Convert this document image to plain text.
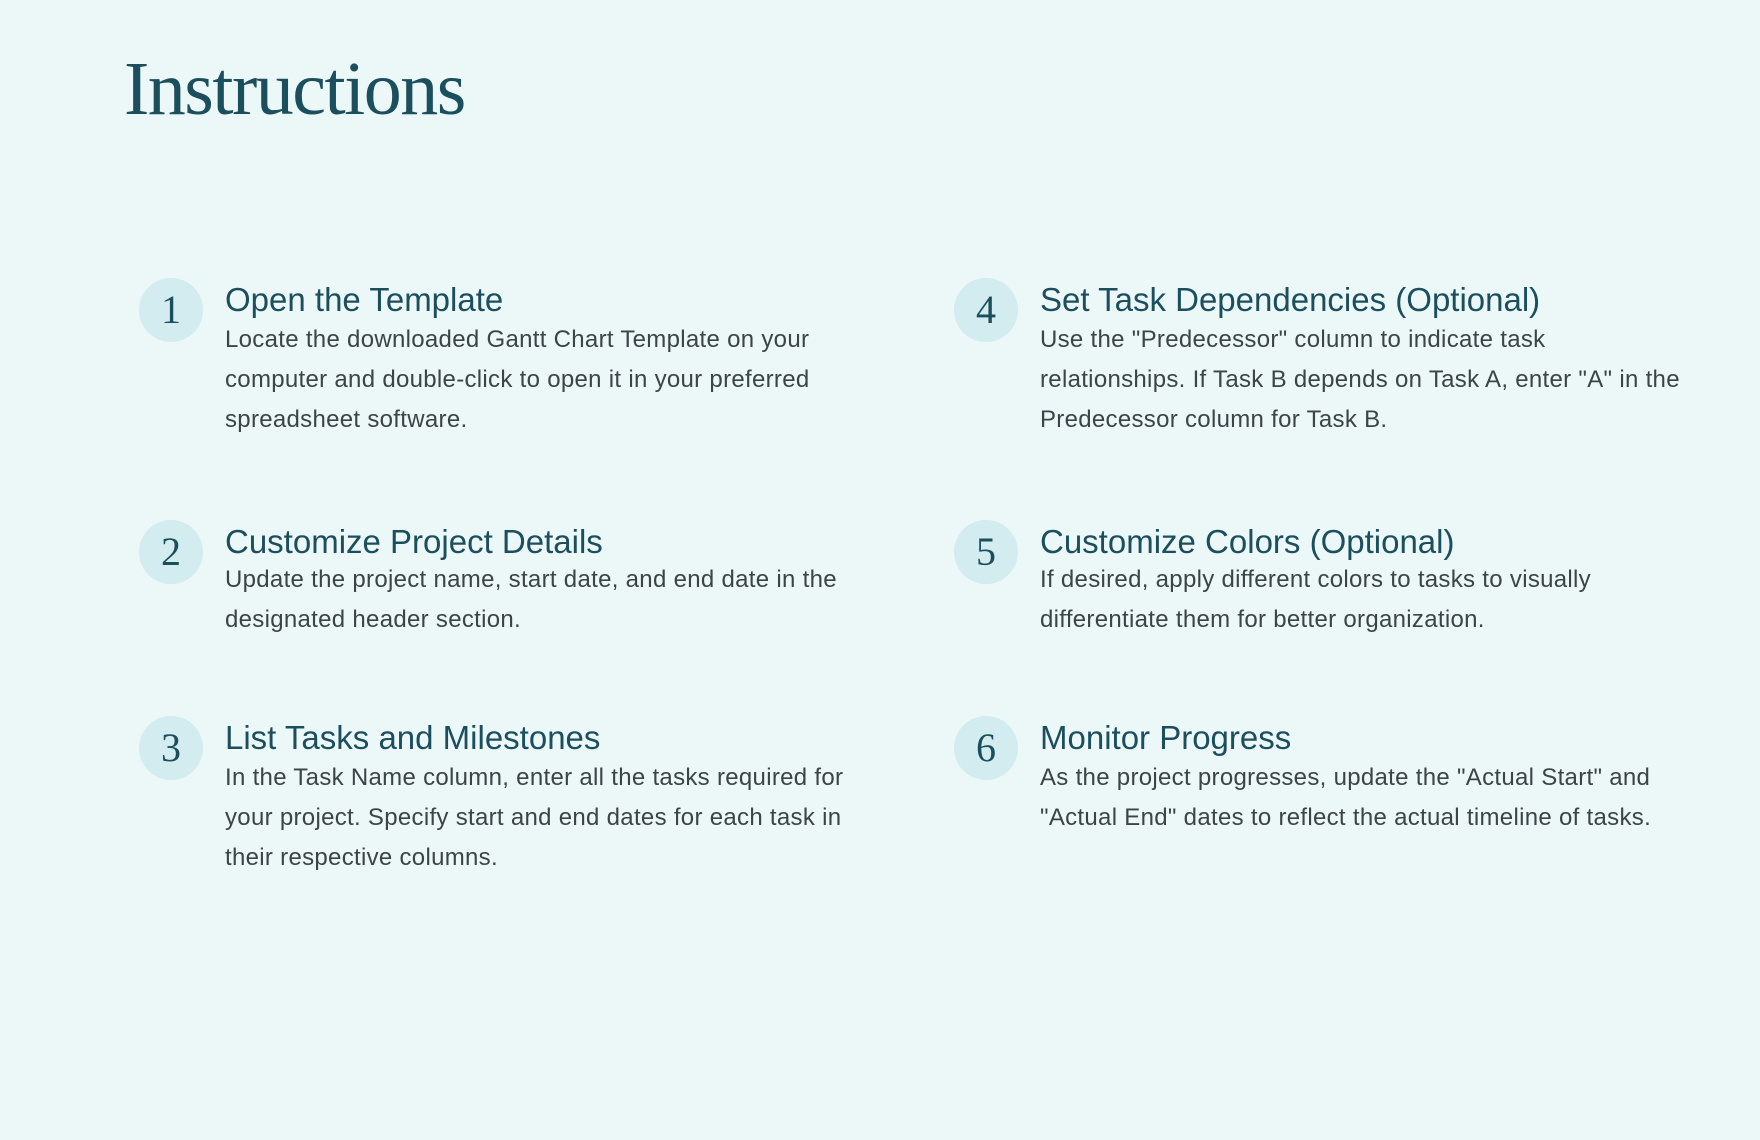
Instructions
1	Open the Template

Locate the downloaded Gantt Chart Template on your computer and double-click to open it in your preferred spreadsheet software.

2	Customize Project Details

Update the project name, start date, and end date in the designated header section.

3	List Tasks and Milestones

In the Task Name column, enter all the tasks required for your project. Specify start and end dates for each task in their respective columns.

4	Set Task Dependencies (Optional)

Use the "Predecessor" column to indicate task relationships. If Task B depends on Task A, enter "A" in the Predecessor column for Task B.

5	Customize Colors (Optional)

If desired, apply different colors to tasks to visually differentiate them for better organization.

6	Monitor Progress

As the project progresses, update the "Actual Start" and "Actual End" dates to reflect the actual timeline of tasks.
